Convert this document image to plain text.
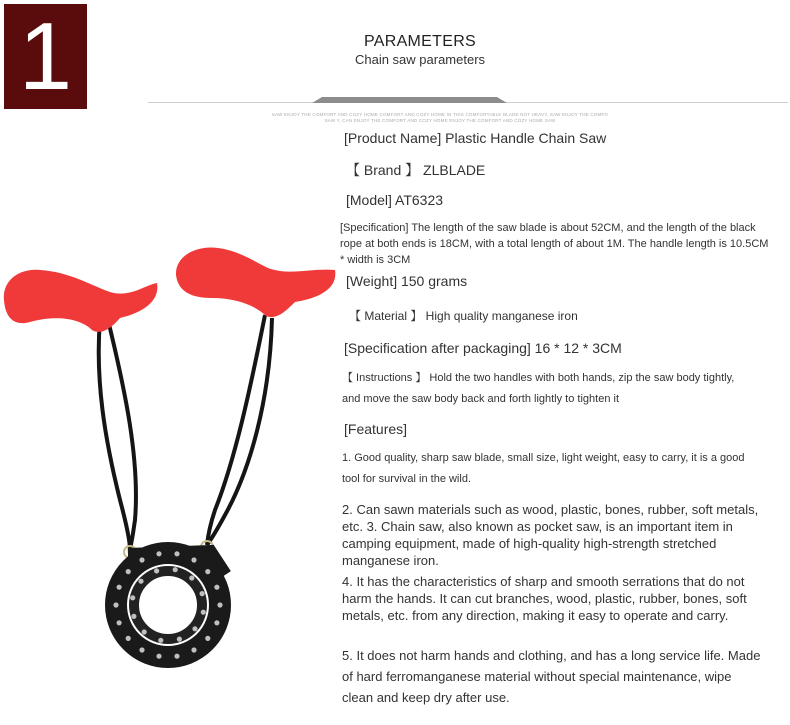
1	PARAMETERS
Chain saw parameters
SAW ENJOY THE COMFORT AND COZY HOME COMFORT AND COZY HOME IN THIS COMFORTABLE BLADE NOT HEAVY, SAW ENJOY THE COMFO
SAW Y, CAN ENJOY THE COMFORT AND COZY HOME ENJOY THE COMFORT AND COZY HOME SAW
[Product Name] Plastic Handle Chain Saw
【 Brand 】 ZLBLADE
[Model] AT6323
[Specification] The length of the saw blade is about 52CM, and the length of the black rope at both ends is 18CM, with a total length of about 1M. The handle length is 10.5CM * width is 3CM
[Weight] 150 grams
【 Material 】 High quality manganese iron
[Specification after packaging] 16 * 12 * 3CM
【 Instructions 】 Hold the two handles with both hands, zip the saw body tightly, and move the saw body back and forth lightly to tighten it
[Features]
1. Good quality, sharp saw blade, small size, light weight, easy to carry, it is a good tool for survival in the wild.
2. Can sawn materials such as wood, plastic, bones, rubber, soft metals, etc. 3. Chain saw, also known as pocket saw, is an important item in camping equipment, made of high-quality high-strength stretched manganese iron.
4. It has the characteristics of sharp and smooth serrations that do not harm the hands. It can cut branches, wood, plastic, rubber, bones, soft metals, etc. from any direction, making it easy to operate and carry.
5. It does not harm hands and clothing, and has a long service life. Made of hard ferromanganese material without special maintenance, wipe clean and keep dry after use.
